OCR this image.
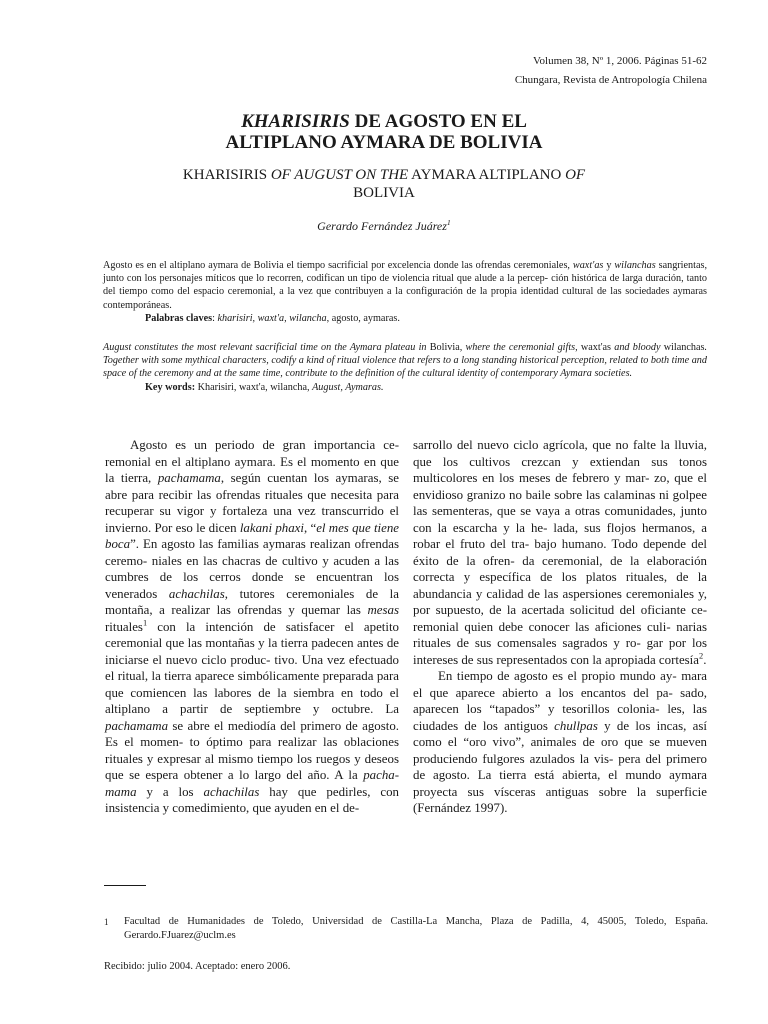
Volumen 38, Nº 1, 2006. Páginas 51-62
Chungara, Revista de Antropología Chilena
KHARISIRIS DE AGOSTO EN EL
ALTIPLANO AYMARA DE BOLIVIA
KHARISIRIS OF AUGUST ON THE AYMARA ALTIPLANO OF
BOLIVIA
Gerardo Fernández Juárez$^1$

Agosto es en el altiplano aymara de Bolivia el tiempo sacrificial por excelencia donde las ofrendas ceremoniales, waxt'as y wilanchas sangrientas, junto con los personajes míticos que lo recorren, codifican un tipo de violencia ritual que alude a la percep- ción histórica de larga duración, tanto del tiempo como del espacio ceremonial, a la vez que contribuyen a la configuración de la propia identidad cultural de las sociedades aymaras contemporáneas.

Palabras claves: kharisiri, waxt'a, wilancha, agosto, aymaras.

August constitutes the most relevant sacrificial time on the Aymara plateau in Bolivia, where the ceremonial gifts, waxt'as and bloody wilanchas. Together with some mythical characters, codify a kind of ritual violence that refers to a long standing historical perception, related to both time and space of the ceremony and at the same time, contribute to the definition of the cultural identity of contemporary Aymara societies.

Key words: Kharisiri, waxt'a, wilancha, August, Aymaras.

Agosto es un periodo de gran importancia ce- remonial en el altiplano aymara. Es el momento en que la tierra, pachamama, según cuentan los aymaras, se abre para recibir las ofrendas rituales que necesita para recuperar su vigor y fortaleza una vez transcurrido el invierno. Por eso le dicen lakani phaxi, “el mes que tiene boca”. En agosto las familias aymaras realizan ofrendas ceremo- niales en las chacras de cultivo y acuden a las cumbres de los cerros donde se encuentran los venerados achachilas, tutores ceremoniales de la montaña, a realizar las ofrendas y quemar las mesas rituales$^1$ con la intención de satisfacer el apetito ceremonial que las montañas y la tierra padecen antes de iniciarse el nuevo ciclo produc- tivo. Una vez efectuado el ritual, la tierra aparece simbólicamente preparada para que comiencen las labores de la siembra en todo el altiplano a partir de septiembre y octubre. La pachamama se abre el mediodía del primero de agosto. Es el momen- to óptimo para realizar las oblaciones rituales y expresar al mismo tiempo los ruegos y deseos que se espera obtener a lo largo del año. A la pacha- mama y a los achachilas hay que pedirles, con insistencia y comedimiento, que ayuden en el de-

sarrollo del nuevo ciclo agrícola, que no falte la lluvia, que los cultivos crezcan y extiendan sus tonos multicolores en los meses de febrero y mar- zo, que el envidioso granizo no baile sobre las calaminas ni golpee las sementeras, que se vaya a otras comunidades, junto con la escarcha y la he- lada, sus flojos hermanos, a robar el fruto del tra- bajo humano. Todo depende del éxito de la ofren- da ceremonial, de la elaboración correcta y específica de los platos rituales, de la abundancia y calidad de las aspersiones ceremoniales y, por supuesto, de la acertada solicitud del oficiante ce- remonial quien debe conocer las aficiones culi- narias rituales de sus comensales sagrados y ro- gar por los intereses de sus representados con la apropiada cortesía$^2$.

En tiempo de agosto es el propio mundo ay- mara el que aparece abierto a los encantos del pa- sado, aparecen los “tapados” y tesorillos colonia- les, las ciudades de los antiguos chullpas y de los incas, así como el “oro vivo”, animales de oro que se mueven produciendo fulgores azulados la vis- pera del primero de agosto. La tierra está abierta, el mundo aymara proyecta sus vísceras antiguas sobre la superficie (Fernández 1997).

1 Facultad de Humanidades de Toledo, Universidad de Castilla-La Mancha, Plaza de Padilla, 4, 45005, Toledo, España. Gerardo.FJuarez@uclm.es
Recibido: julio 2004. Aceptado: enero 2006.
